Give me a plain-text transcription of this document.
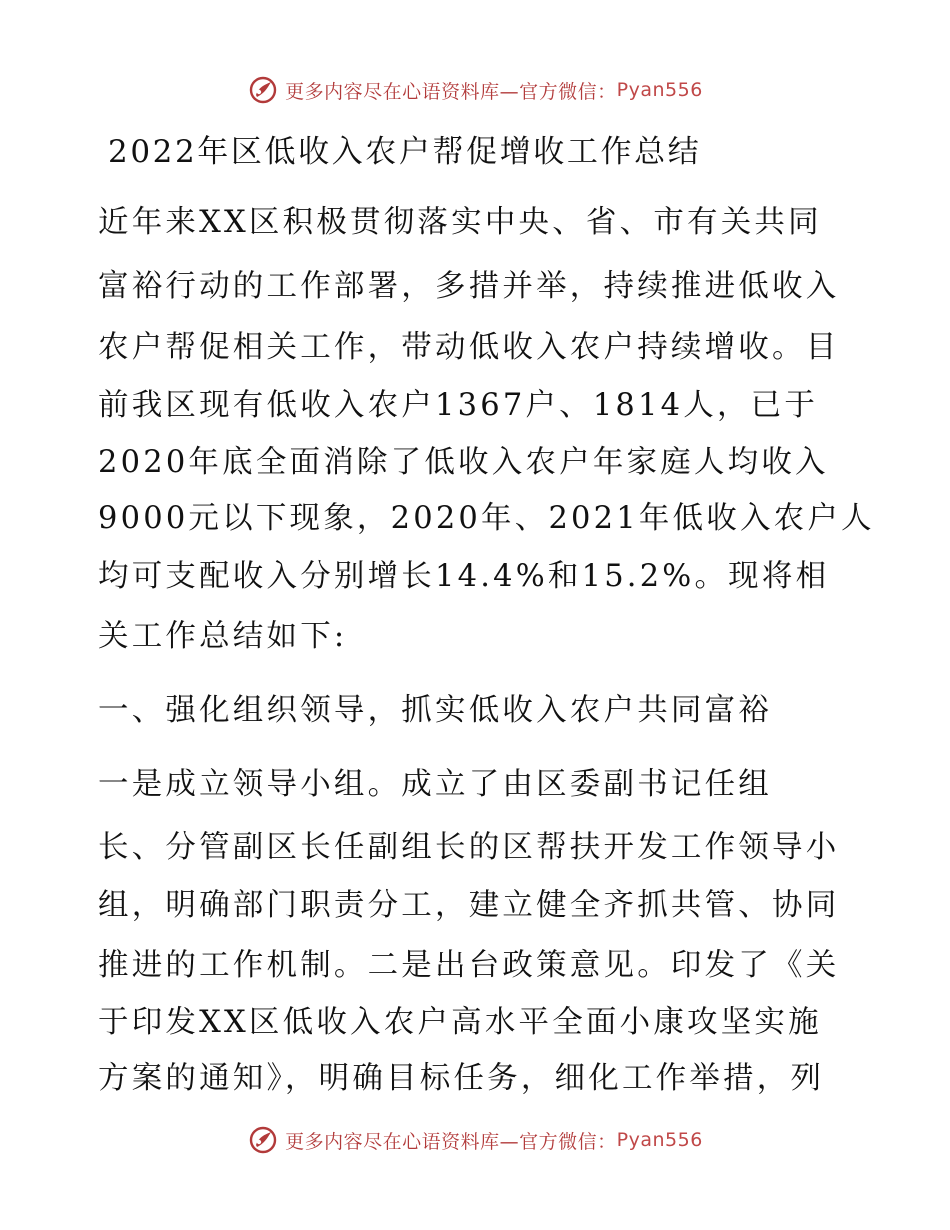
更多内容尽在心语资料库—官方微信： Pyan556
2022年区低收入农户帮促增收工作总结
近年来XX区积极贯彻落实中央、省、市有关共同
富裕行动的工作部署，多措并举，持续推进低收入
农户帮促相关工作，带动低收入农户持续增收。目
前我区现有低收入农户1367户、1814人，已于
2020年底全面消除了低收入农户年家庭人均收入
9000元以下现象，2020年、2021年低收入农户人
均可支配收入分别增长14.4%和15.2%。现将相
关工作总结如下:
一、强化组织领导，抓实低收入农户共同富裕
一是成立领导小组。成立了由区委副书记任组
长、分管副区长任副组长的区帮扶开发工作领导小
组，明确部门职责分工，建立健全齐抓共管、协同
推进的工作机制。二是出台政策意见。印发了《关
于印发XX区低收入农户高水平全面小康攻坚实施
方案的通知》，明确目标任务，细化工作举措，列
更多内容尽在心语资料库—官方微信： Pyan556
